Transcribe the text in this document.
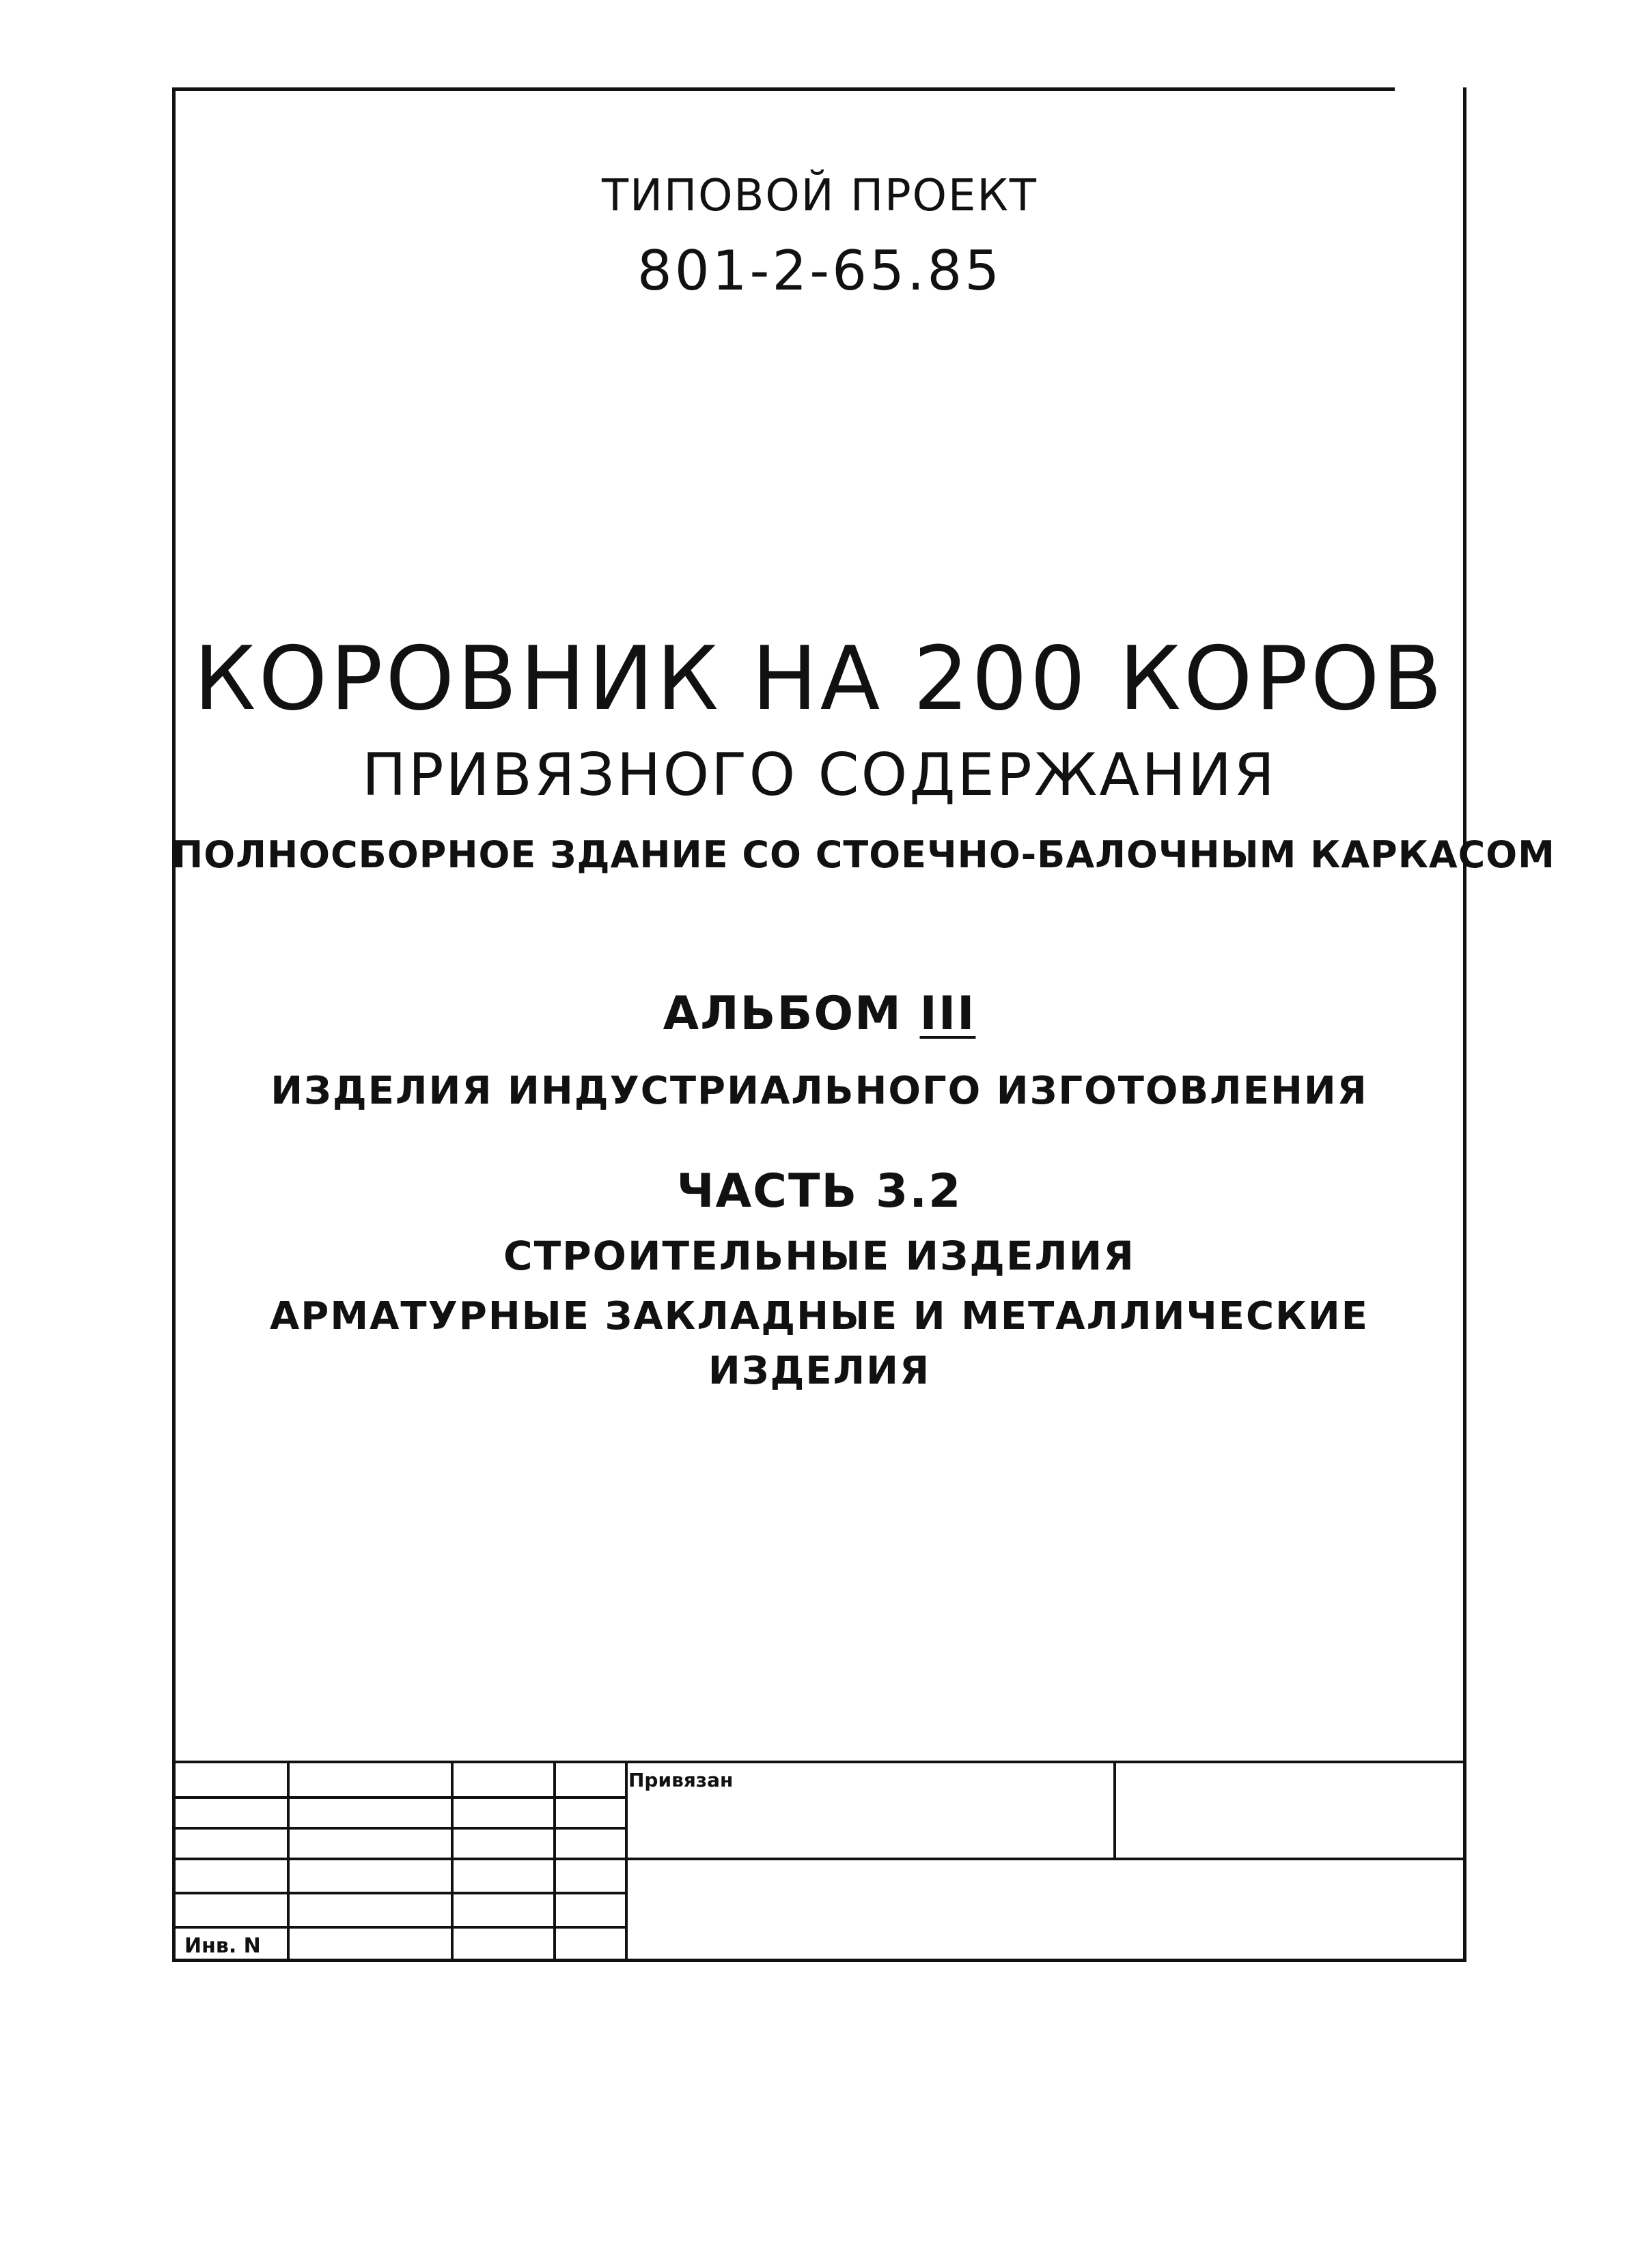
ТИПОВОЙ ПРОЕКТ
801-2-65.85
КОРОВНИК НА 200 КОРОВ
ПРИВЯЗНОГО СОДЕРЖАНИЯ
ПОЛНОСБОРНОЕ ЗДАНИЕ СО СТОЕЧНО-БАЛОЧНЫМ КАРКАСОМ
АЛЬБОМ III
ИЗДЕЛИЯ ИНДУСТРИАЛЬНОГО ИЗГОТОВЛЕНИЯ
ЧАСТЬ 3.2
СТРОИТЕЛЬНЫЕ ИЗДЕЛИЯ
АРМАТУРНЫЕ ЗАКЛАДНЫЕ И МЕТАЛЛИЧЕСКИЕ
ИЗДЕЛИЯ
Привязан
Инв. N
